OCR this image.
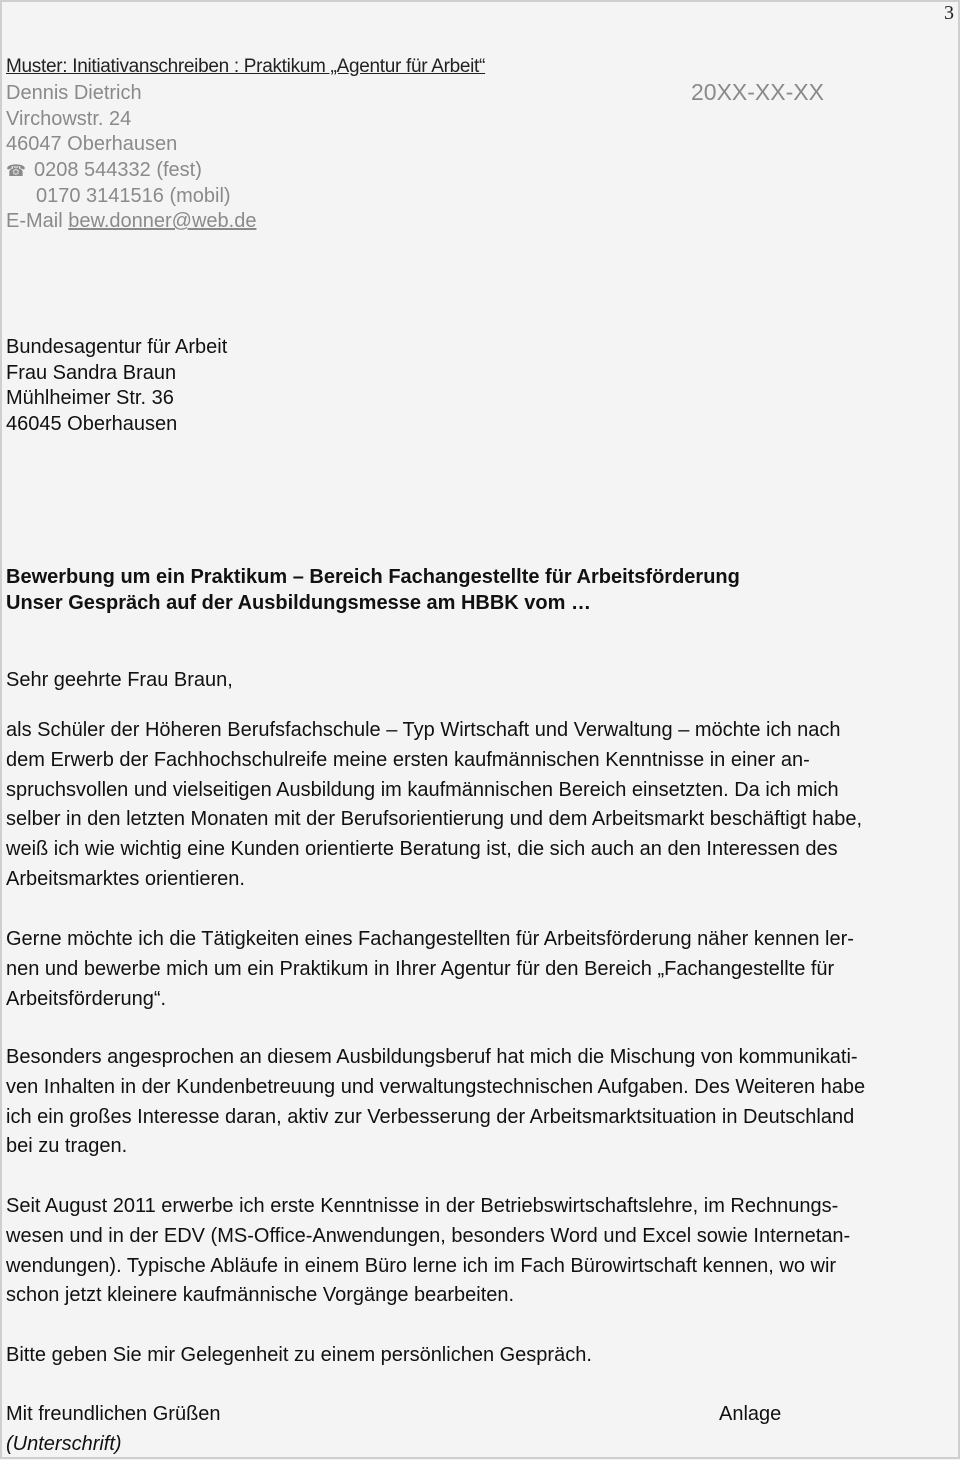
3
Muster: Initiativanschreiben : Praktikum „Agentur für Arbeit“
Dennis Dietrich
Virchowstr. 24
46047 Oberhausen
☎ 0208 544332 (fest)
0170 3141516 (mobil)
E-Mail bew.donner@web.de
20XX-XX-XX
Bundesagentur für Arbeit
Frau Sandra Braun
Mühlheimer Str. 36
46045 Oberhausen
Bewerbung um ein Praktikum – Bereich Fachangestellte für Arbeitsförderung
Unser Gespräch auf der Ausbildungsmesse am HBBK vom …
Sehr geehrte Frau Braun,
als Schüler der Höheren Berufsfachschule – Typ Wirtschaft und Verwaltung – möchte ich nach
dem Erwerb der Fachhochschulreife meine ersten kaufmännischen Kenntnisse in einer an-
spruchsvollen und vielseitigen Ausbildung im kaufmännischen Bereich einsetzten. Da ich mich
selber in den letzten Monaten mit der Berufsorientierung und dem Arbeitsmarkt beschäftigt habe,
weiß ich wie wichtig eine Kunden orientierte Beratung ist, die sich auch an den Interessen des
Arbeitsmarktes orientieren.
Gerne möchte ich die Tätigkeiten eines Fachangestellten für Arbeitsförderung näher kennen ler-
nen und bewerbe mich um ein Praktikum in Ihrer Agentur für den Bereich „Fachangestellte für
Arbeitsförderung“.
Besonders angesprochen an diesem Ausbildungsberuf hat mich die Mischung von kommunikati-
ven Inhalten in der Kundenbetreuung und verwaltungstechnischen Aufgaben. Des Weiteren habe
ich ein großes Interesse daran, aktiv zur Verbesserung der Arbeitsmarktsituation in Deutschland
bei zu tragen.
Seit August 2011 erwerbe ich erste Kenntnisse in der Betriebswirtschaftslehre, im Rechnungs-
wesen und in der EDV (MS-Office-Anwendungen, besonders Word und Excel sowie Internetan-
wendungen). Typische Abläufe in einem Büro lerne ich im Fach Bürowirtschaft kennen, wo wir
schon jetzt kleinere kaufmännische Vorgänge bearbeiten.
Bitte geben Sie mir Gelegenheit zu einem persönlichen Gespräch.
Mit freundlichen Grüßen
(Unterschrift)
Anlage
